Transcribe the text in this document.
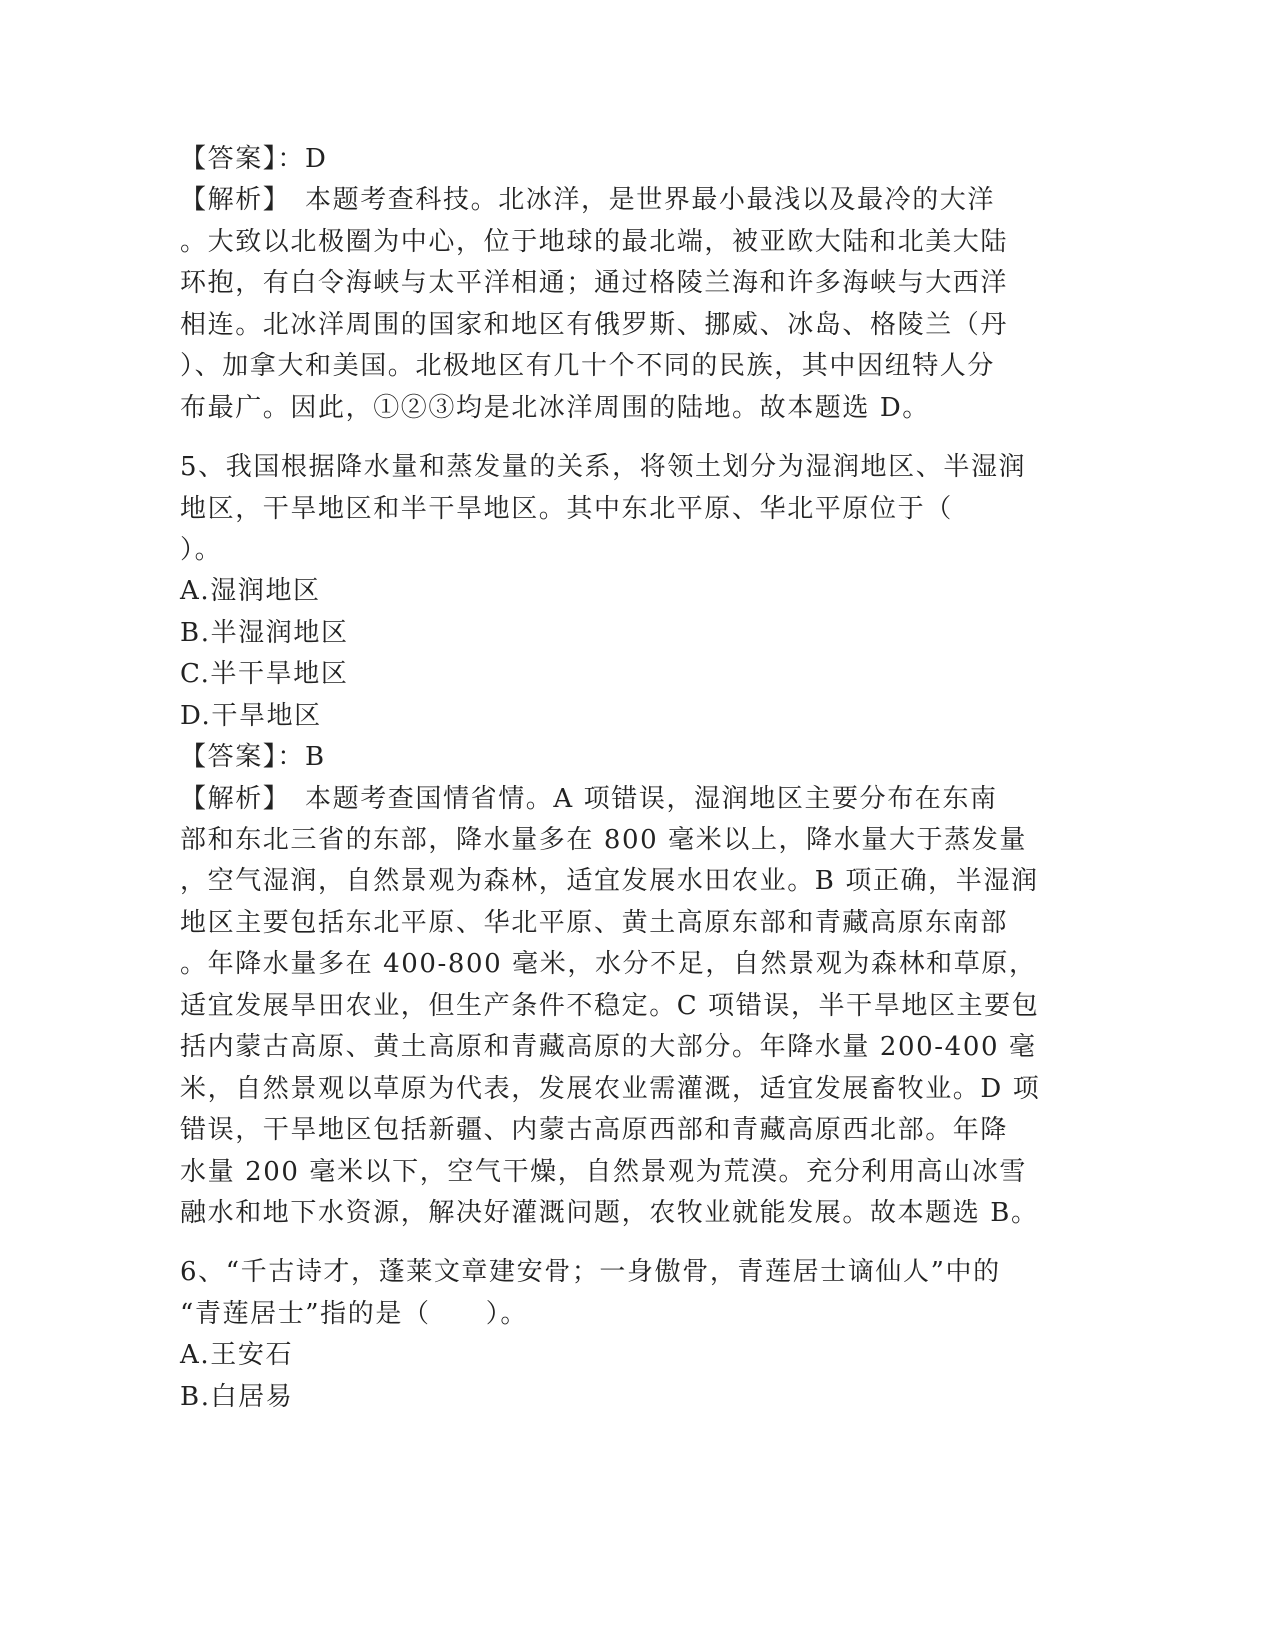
【答案】：D
【解析】　本题考查科技。北冰洋，是世界最小最浅以及最冷的大洋
。大致以北极圈为中心，位于地球的最北端，被亚欧大陆和北美大陆
环抱，有白令海峡与太平洋相通；通过格陵兰海和许多海峡与大西洋
相连。北冰洋周围的国家和地区有俄罗斯、挪威、冰岛、格陵兰（丹
）、加拿大和美国。北极地区有几十个不同的民族，其中因纽特人分
布最广。因此，①②③均是北冰洋周围的陆地。故本题选 D。
5、我国根据降水量和蒸发量的关系，将领土划分为湿润地区、半湿润
地区，干旱地区和半干旱地区。其中东北平原、华北平原位于（
）。
A.湿润地区
B.半湿润地区
C.半干旱地区
D.干旱地区
【答案】：B
【解析】　本题考查国情省情。A 项错误，湿润地区主要分布在东南
部和东北三省的东部，降水量多在 800 毫米以上，降水量大于蒸发量
，空气湿润，自然景观为森林，适宜发展水田农业。B 项正确，半湿润
地区主要包括东北平原、华北平原、黄土高原东部和青藏高原东南部
。年降水量多在 400-800 毫米，水分不足，自然景观为森林和草原，
适宜发展旱田农业，但生产条件不稳定。C 项错误，半干旱地区主要包
括内蒙古高原、黄土高原和青藏高原的大部分。年降水量 200-400 毫
米，自然景观以草原为代表，发展农业需灌溉，适宜发展畜牧业。D 项
错误，干旱地区包括新疆、内蒙古高原西部和青藏高原西北部。年降
水量 200 毫米以下，空气干燥，自然景观为荒漠。充分利用高山冰雪
融水和地下水资源，解决好灌溉问题，农牧业就能发展。故本题选 B。
6、“千古诗才，蓬莱文章建安骨；一身傲骨，青莲居士谪仙人”中的
“青莲居士”指的是（　　）。
A.王安石
B.白居易
